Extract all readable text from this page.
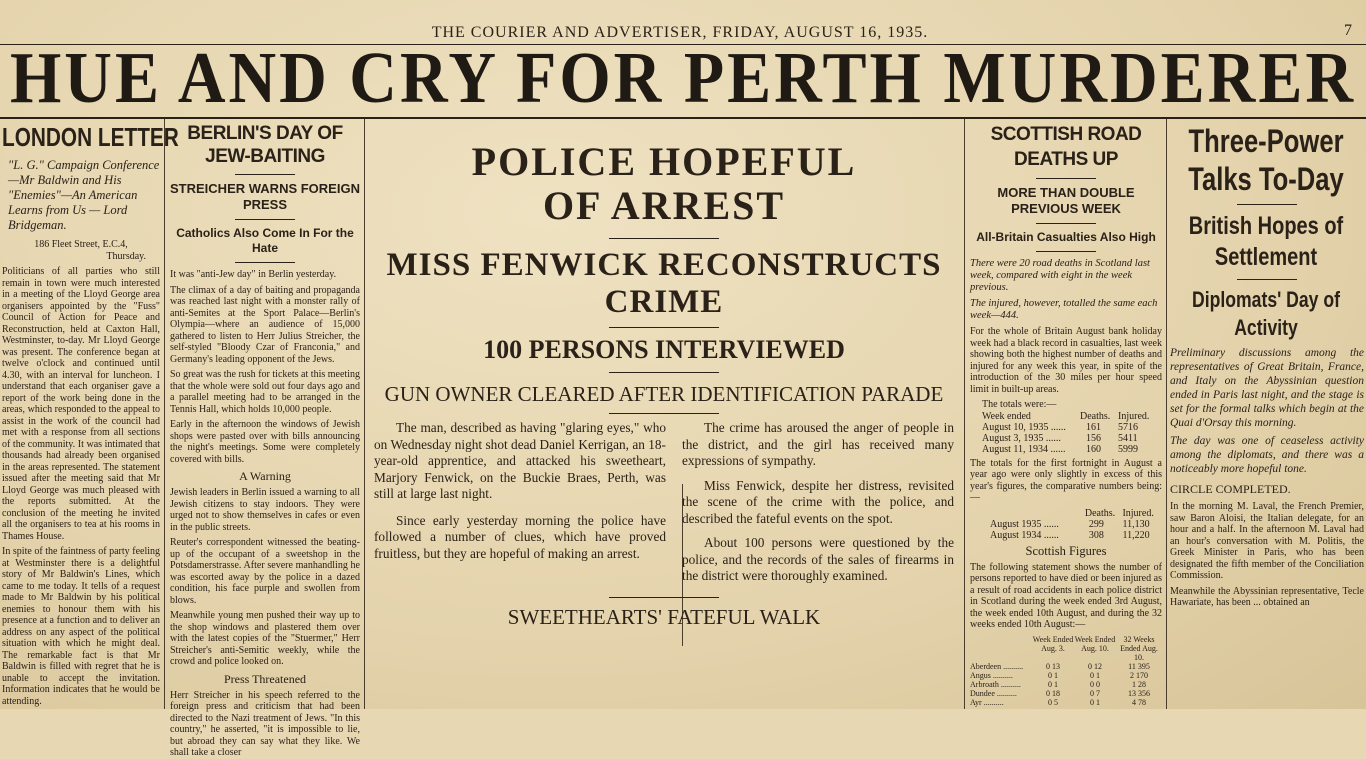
THE COURIER AND ADVERTISER, FRIDAY, AUGUST 16, 1935.	7
HUE AND CRY FOR PERTH MURDERER
LONDON LETTER
"L. G." Campaign Conference —Mr Baldwin and His "Enemies"—An American Learns from Us — Lord Bridgeman.
186 Fleet Street, E.C.4,
Thursday.

Politicians of all parties who still remain in town were much interested in a meeting of the Lloyd George area organisers appointed by the "Fuss" Council of Action for Peace and Reconstruction, held at Caxton Hall, Westminster, to-day. Mr Lloyd George was present. The conference began at twelve o'clock and continued until 4.30, with an interval for luncheon. I understand that each organiser gave a report of the work being done in the areas, which responded to the appeal to assist in the work of the council had met with a response from all sections of the community. It was intimated that thousands had already been organised in the areas represented. The statement issued after the meeting said that Mr Lloyd George was much pleased with the reports submitted. At the conclusion of the meeting he invited all the organisers to tea at his rooms in Thames House.

In spite of the faintness of party feeling at Westminster there is a delightful story of Mr Baldwin's Lines, which came to me today. It tells of a request made to Mr Baldwin by his political enemies to honour them with his presence at a function and to deliver an address on any aspect of the political situation with which he might deal. The remarkable fact is that Mr Baldwin is filled with regret that he is unable to accept the invitation. Information indicates that he would be attending.

BERLIN'S DAY OF JEW-BAITING
STREICHER WARNS FOREIGN PRESS
Catholics Also Come In For the Hate

It was "anti-Jew day" in Berlin yesterday.

The climax of a day of baiting and propaganda was reached last night with a monster rally of anti-Semites at the Sport Palace—Berlin's Olympia—where an audience of 15,000 gathered to listen to Herr Julius Streicher, the self-styled "Bloody Czar of Franconia," and Germany's leading opponent of the Jews.

So great was the rush for tickets at this meeting that the whole were sold out four days ago and a parallel meeting had to be arranged in the Tennis Hall, which holds 10,000 people.

Early in the afternoon the windows of Jewish shops were pasted over with bills announcing the night's meetings. Some were completely covered with bills.

A Warning

Jewish leaders in Berlin issued a warning to all Jewish citizens to stay indoors. They were urged not to show themselves in cafes or even in the public streets.

Reuter's correspondent witnessed the beating-up of the occupant of a sweetshop in the Potsdamerstrasse. After severe manhandling he was escorted away by the police in a dazed condition, his face purple and swollen from blows.

Meanwhile young men pushed their way up to the shop windows and plastered them over with the latest copies of the "Stuermer," Herr Streicher's anti-Semitic weekly, while the crowd and police looked on.

Press Threatened

Herr Streicher in his speech referred to the foreign press and criticism that had been directed to the Nazi treatment of Jews. "In this country," he asserted, "it is impossible to lie, but abroad they can say what they like. We shall take a closer

POLICE HOPEFUL OF ARREST
MISS FENWICK RECONSTRUCTS CRIME
100 PERSONS INTERVIEWED
GUN OWNER CLEARED AFTER IDENTIFICATION PARADE

The man, described as having "glaring eyes," who on Wednesday night shot dead Daniel Kerrigan, an 18-year-old apprentice, and attacked his sweetheart, Marjory Fenwick, on the Buckie Braes, Perth, was still at large last night.

Since early yesterday morning the police have followed a number of clues, which have proved fruitless, but they are hopeful of making an arrest.

The crime has aroused the anger of people in the district, and the girl has received many expressions of sympathy.

Miss Fenwick, despite her distress, revisited the scene of the crime with the police, and described the fateful events on the spot.

About 100 persons were questioned by the police, and the records of the sales of firearms in the district were thoroughly examined.

SWEETHEARTS' FATEFUL WALK
SCOTTISH ROAD DEATHS UP
MORE THAN DOUBLE PREVIOUS WEEK
All-Britain Casualties Also High

There were 20 road deaths in Scotland last week, compared with eight in the week previous.

The injured, however, totalled the same each week—444.

For the whole of Britain August bank holiday week had a black record in casualties, last week showing both the highest number of deaths and injured for any week this year, in spite of the introduction of the 30 miles per hour speed limit in built-up areas.

The totals were:—
Week ended	Deaths. Injured.
August 10, 1935 ......	161	5716
August 3, 1935 ......	156	5411
August 11, 1934 ......	160	5999

The totals for the first fortnight in August a year ago were only slightly in excess of this year's figures, the comparative numbers being:—

Deaths. Injured.
August 1935 ......	299	11,130
August 1934 ......	308	11,220
Scottish Figures

The following statement shows the number of persons reported to have died or been injured as a result of road accidents in each police district in Scotland during the week ended 3rd August, the week ended 10th August, and during the 32 weeks ended 10th August:—

Week Ended Aug. 3.
Week Ended Aug. 10.
32 Weeks Ended Aug. 10.
Aberdeen ..........	0 13	0 12	11 395
Angus ..........	0 1	0 1	2 170
Arbroath ..........	0 1	0 0	1 28
Dundee ..........	0 18	0 7	13 356
Ayr ..........	0 5	0 1	4 78
Three-Power Talks To-Day
British Hopes of Settlement
Diplomats' Day of Activity

Preliminary discussions among the representatives of Great Britain, France, and Italy on the Abyssinian question ended in Paris last night, and the stage is set for the formal talks which begin at the Quai d'Orsay this morning.

The day was one of ceaseless activity among the diplomats, and there was a noticeably more hopeful tone.

CIRCLE COMPLETED.

In the morning M. Laval, the French Premier, saw Baron Aloisi, the Italian delegate, for an hour and a half. In the afternoon M. Laval had an hour's conversation with M. Politis, the Greek Minister in Paris, who has been designated the fifth member of the Conciliation Commission.

Meanwhile the Abyssinian representative, Tecle Hawariate, has been ... obtained an
